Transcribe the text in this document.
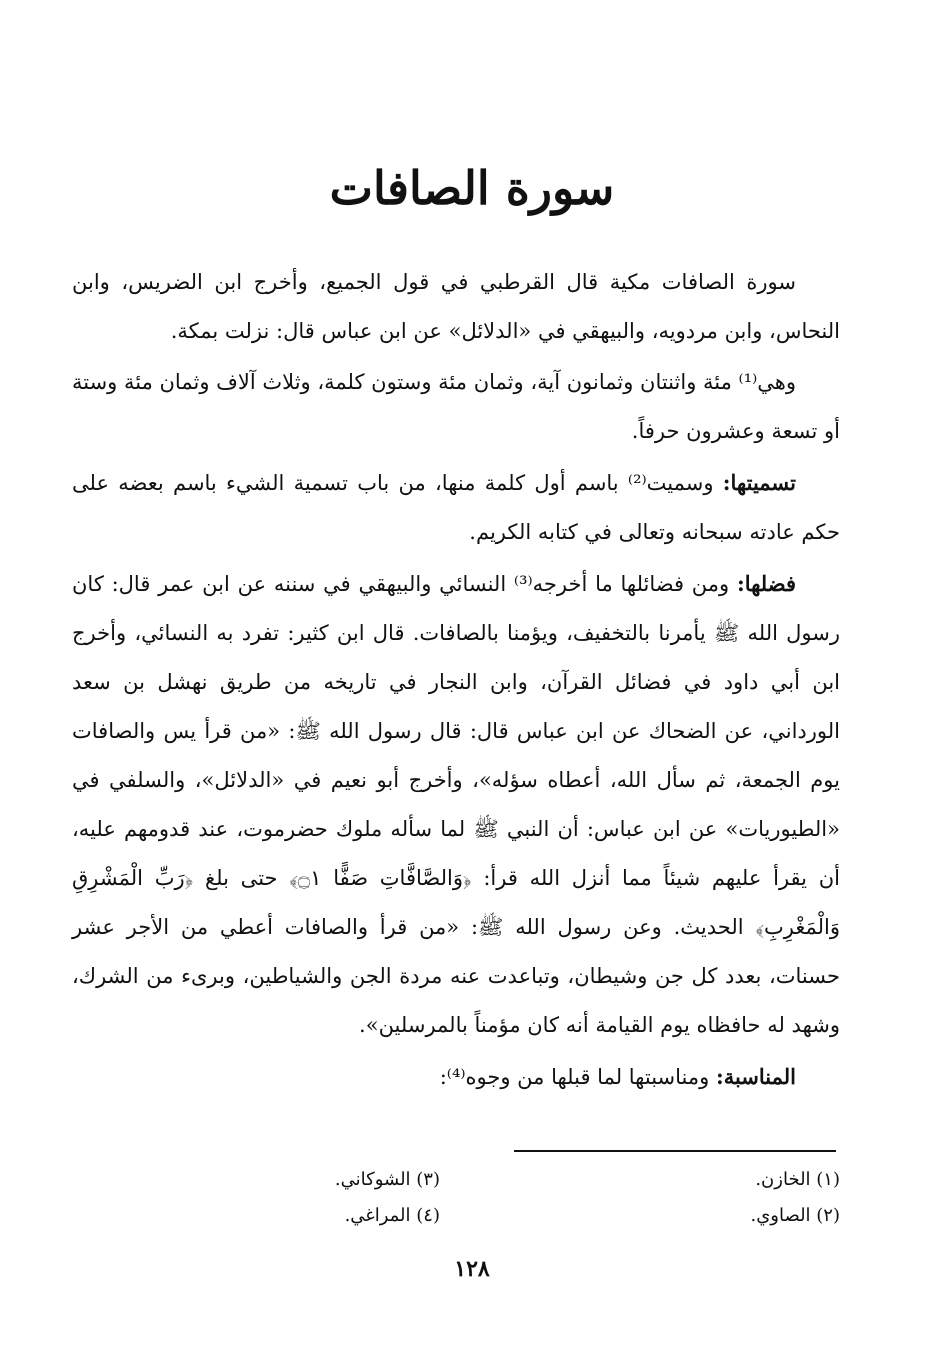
سورة الصافات

سورة الصافات مكية قال القرطبي في قول الجميع، وأخرج ابن الضريس، وابن النحاس، وابن مردويه، والبيهقي في «الدلائل» عن ابن عباس قال: نزلت بمكة.

وهي⁽¹⁾ مئة واثنتان وثمانون آية، وثمان مئة وستون كلمة، وثلاث آلاف وثمان مئة وستة أو تسعة وعشرون حرفاً.

تسميتها: وسميت⁽²⁾ باسم أول كلمة منها، من باب تسمية الشيء باسم بعضه على حكم عادته سبحانه وتعالى في كتابه الكريم.

فضلها: ومن فضائلها ما أخرجه⁽³⁾ النسائي والبيهقي في سننه عن ابن عمر قال: كان رسول الله ﷺ يأمرنا بالتخفيف، ويؤمنا بالصافات. قال ابن كثير: تفرد به النسائي، وأخرج ابن أبي داود في فضائل القرآن، وابن النجار في تاريخه من طريق نهشل بن سعد الورداني، عن الضحاك عن ابن عباس قال: قال رسول الله ﷺ: «من قرأ يس والصافات يوم الجمعة، ثم سأل الله، أعطاه سؤله»، وأخرج أبو نعيم في «الدلائل»، والسلفي في «الطيوريات» عن ابن عباس: أن النبي ﷺ لما سأله ملوك حضرموت، عند قدومهم عليه، أن يقرأ عليهم شيئاً مما أنزل الله قرأ: ﴿وَالصَّافَّاتِ صَفًّا ۝١﴾ حتى بلغ ﴿رَبِّ الْمَشْرِقِ وَالْمَغْرِبِ﴾ الحديث. وعن رسول الله ﷺ: «من قرأ والصافات أعطي من الأجر عشر حسنات، بعدد كل جن وشيطان، وتباعدت عنه مردة الجن والشياطين، وبرىء من الشرك، وشهد له حافظاه يوم القيامة أنه كان مؤمناً بالمرسلين».

المناسبة: ومناسبتها لما قبلها من وجوه⁽⁴⁾:

(١) الخازن.
(٢) الصاوي.
(٣) الشوكاني.
(٤) المراغي.
١٢٨
